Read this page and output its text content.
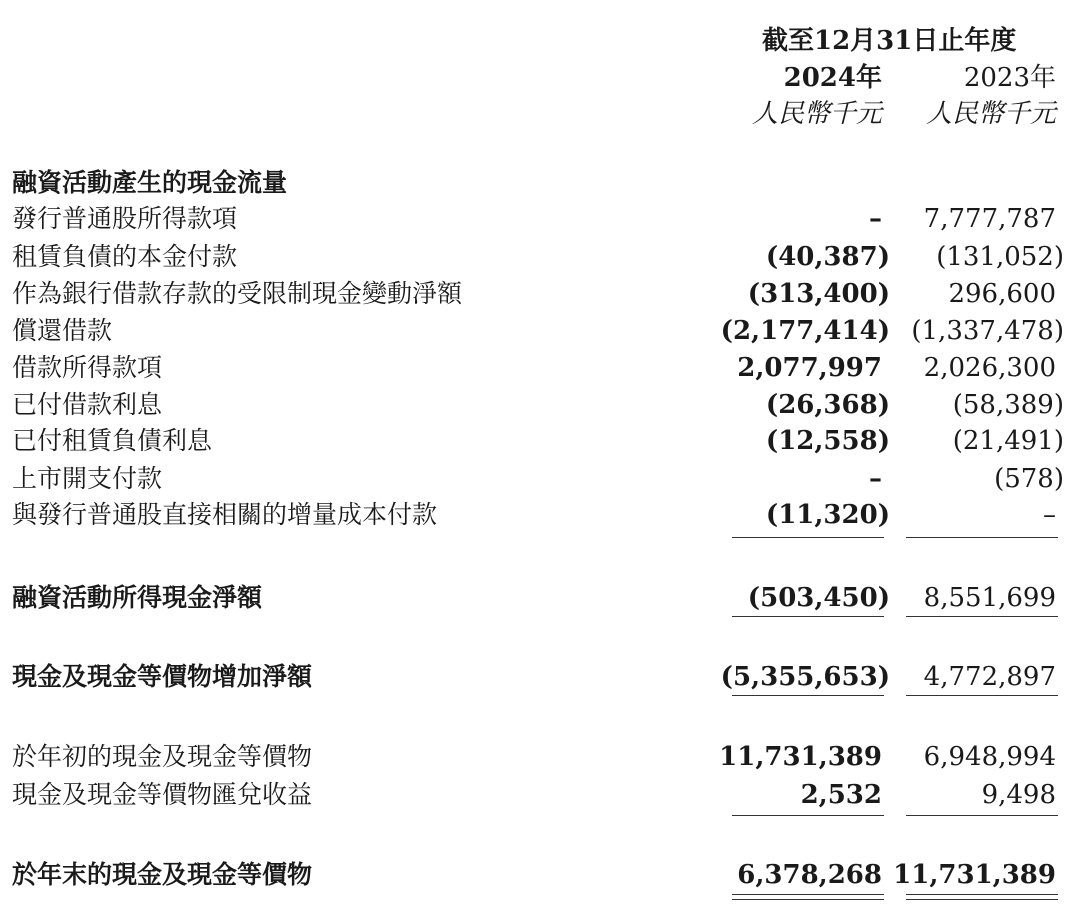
截至12月31日止年度
2024年	2023年
人民幣千元	人民幣千元
融資活動產生的現金流量
發行普通股所得款項	–	7,777,787
租賃負債的本金付款	(40,387)	(131,052)
作為銀行借款存款的受限制現金變動淨額	(313,400)	296,600
償還借款	(2,177,414) (1,337,478)
借款所得款項	2,077,997	2,026,300
已付借款利息	(26,368)	(58,389)
已付租賃負債利息	(12,558)	(21,491)
上市開支付款	–	(578)
與發行普通股直接相關的增量成本付款	(11,320)	–
融資活動所得現金淨額	(503,450)	8,551,699
現金及現金等價物增加淨額	(5,355,653)	4,772,897
於年初的現金及現金等價物	11,731,389	6,948,994
現金及現金等價物匯兌收益	2,532	9,498
於年末的現金及現金等價物	6,378,268 11,731,389
